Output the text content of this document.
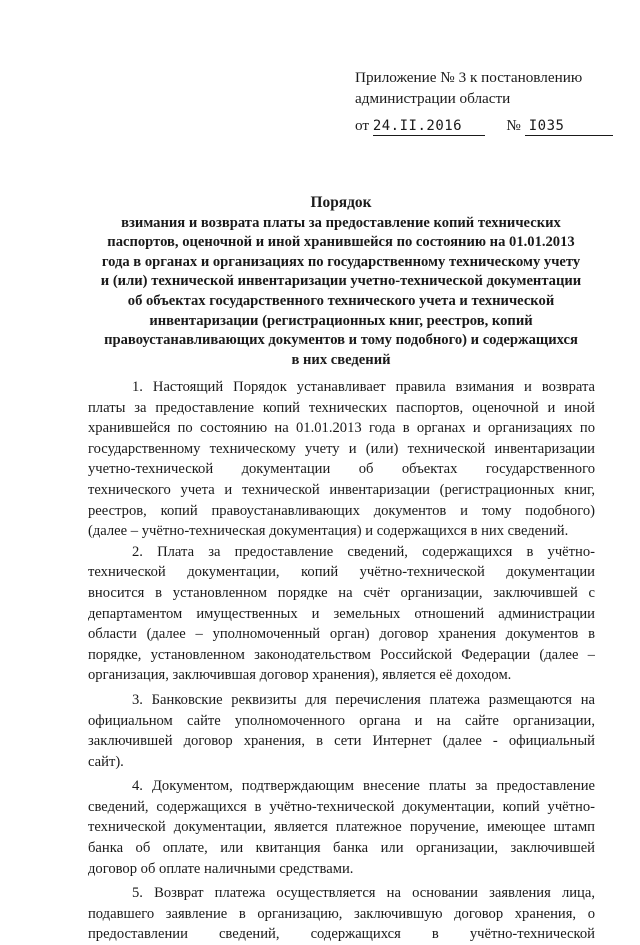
Приложение № 3 к постановлению
администрации области
от 24.II.2016	№ I035
Порядок
взимания и возврата платы за предоставление копий технических
паспортов, оценочной и иной хранившейся по состоянию на 01.01.2013
года в органах и организациях по государственному техническому учету
и (или) технической инвентаризации учетно-технической документации
об объектах государственного технического учета и технической
инвентаризации (регистрационных книг, реестров, копий
правоустанавливающих документов и тому подобного) и содержащихся
в них сведений
1. Настоящий Порядок устанавливает правила взимания и возврата
платы за предоставление копий технических паспортов, оценочной и иной
хранившейся по состоянию на 01.01.2013 года в органах и организациях по
государственному техническому учету и (или) технической инвентаризации
учетно-технической документации об объектах государственного
технического учета и технической инвентаризации (регистрационных книг,
реестров, копий правоустанавливающих документов и тому подобного)
(далее – учётно-техническая документация) и содержащихся в них сведений.
2. Плата за предоставление сведений, содержащихся в учётно-
технической документации, копий учётно-технической документации
вносится в установленном порядке на счёт организации, заключившей с
департаментом имущественных и земельных отношений администрации
области (далее – уполномоченный орган) договор хранения документов в
порядке, установленном законодательством Российской Федерации (далее –
организация, заключившая договор хранения), является её доходом.
3. Банковские реквизиты для перечисления платежа размещаются на
официальном сайте уполномоченного органа и на сайте организации,
заключившей договор хранения, в сети Интернет (далее - официальный
сайт).
4. Документом, подтверждающим внесение платы за предоставление
сведений, содержащихся в учётно-технической документации, копий учётно-
технической документации, является платежное поручение, имеющее штамп
банка об оплате, или квитанция банка или организации, заключившей
договор об оплате наличными средствами.
5. Возврат платежа осуществляется на основании заявления лица,
подавшего заявление в организацию, заключившую договор хранения, о
предоставлении сведений, содержащихся в учётно-технической
